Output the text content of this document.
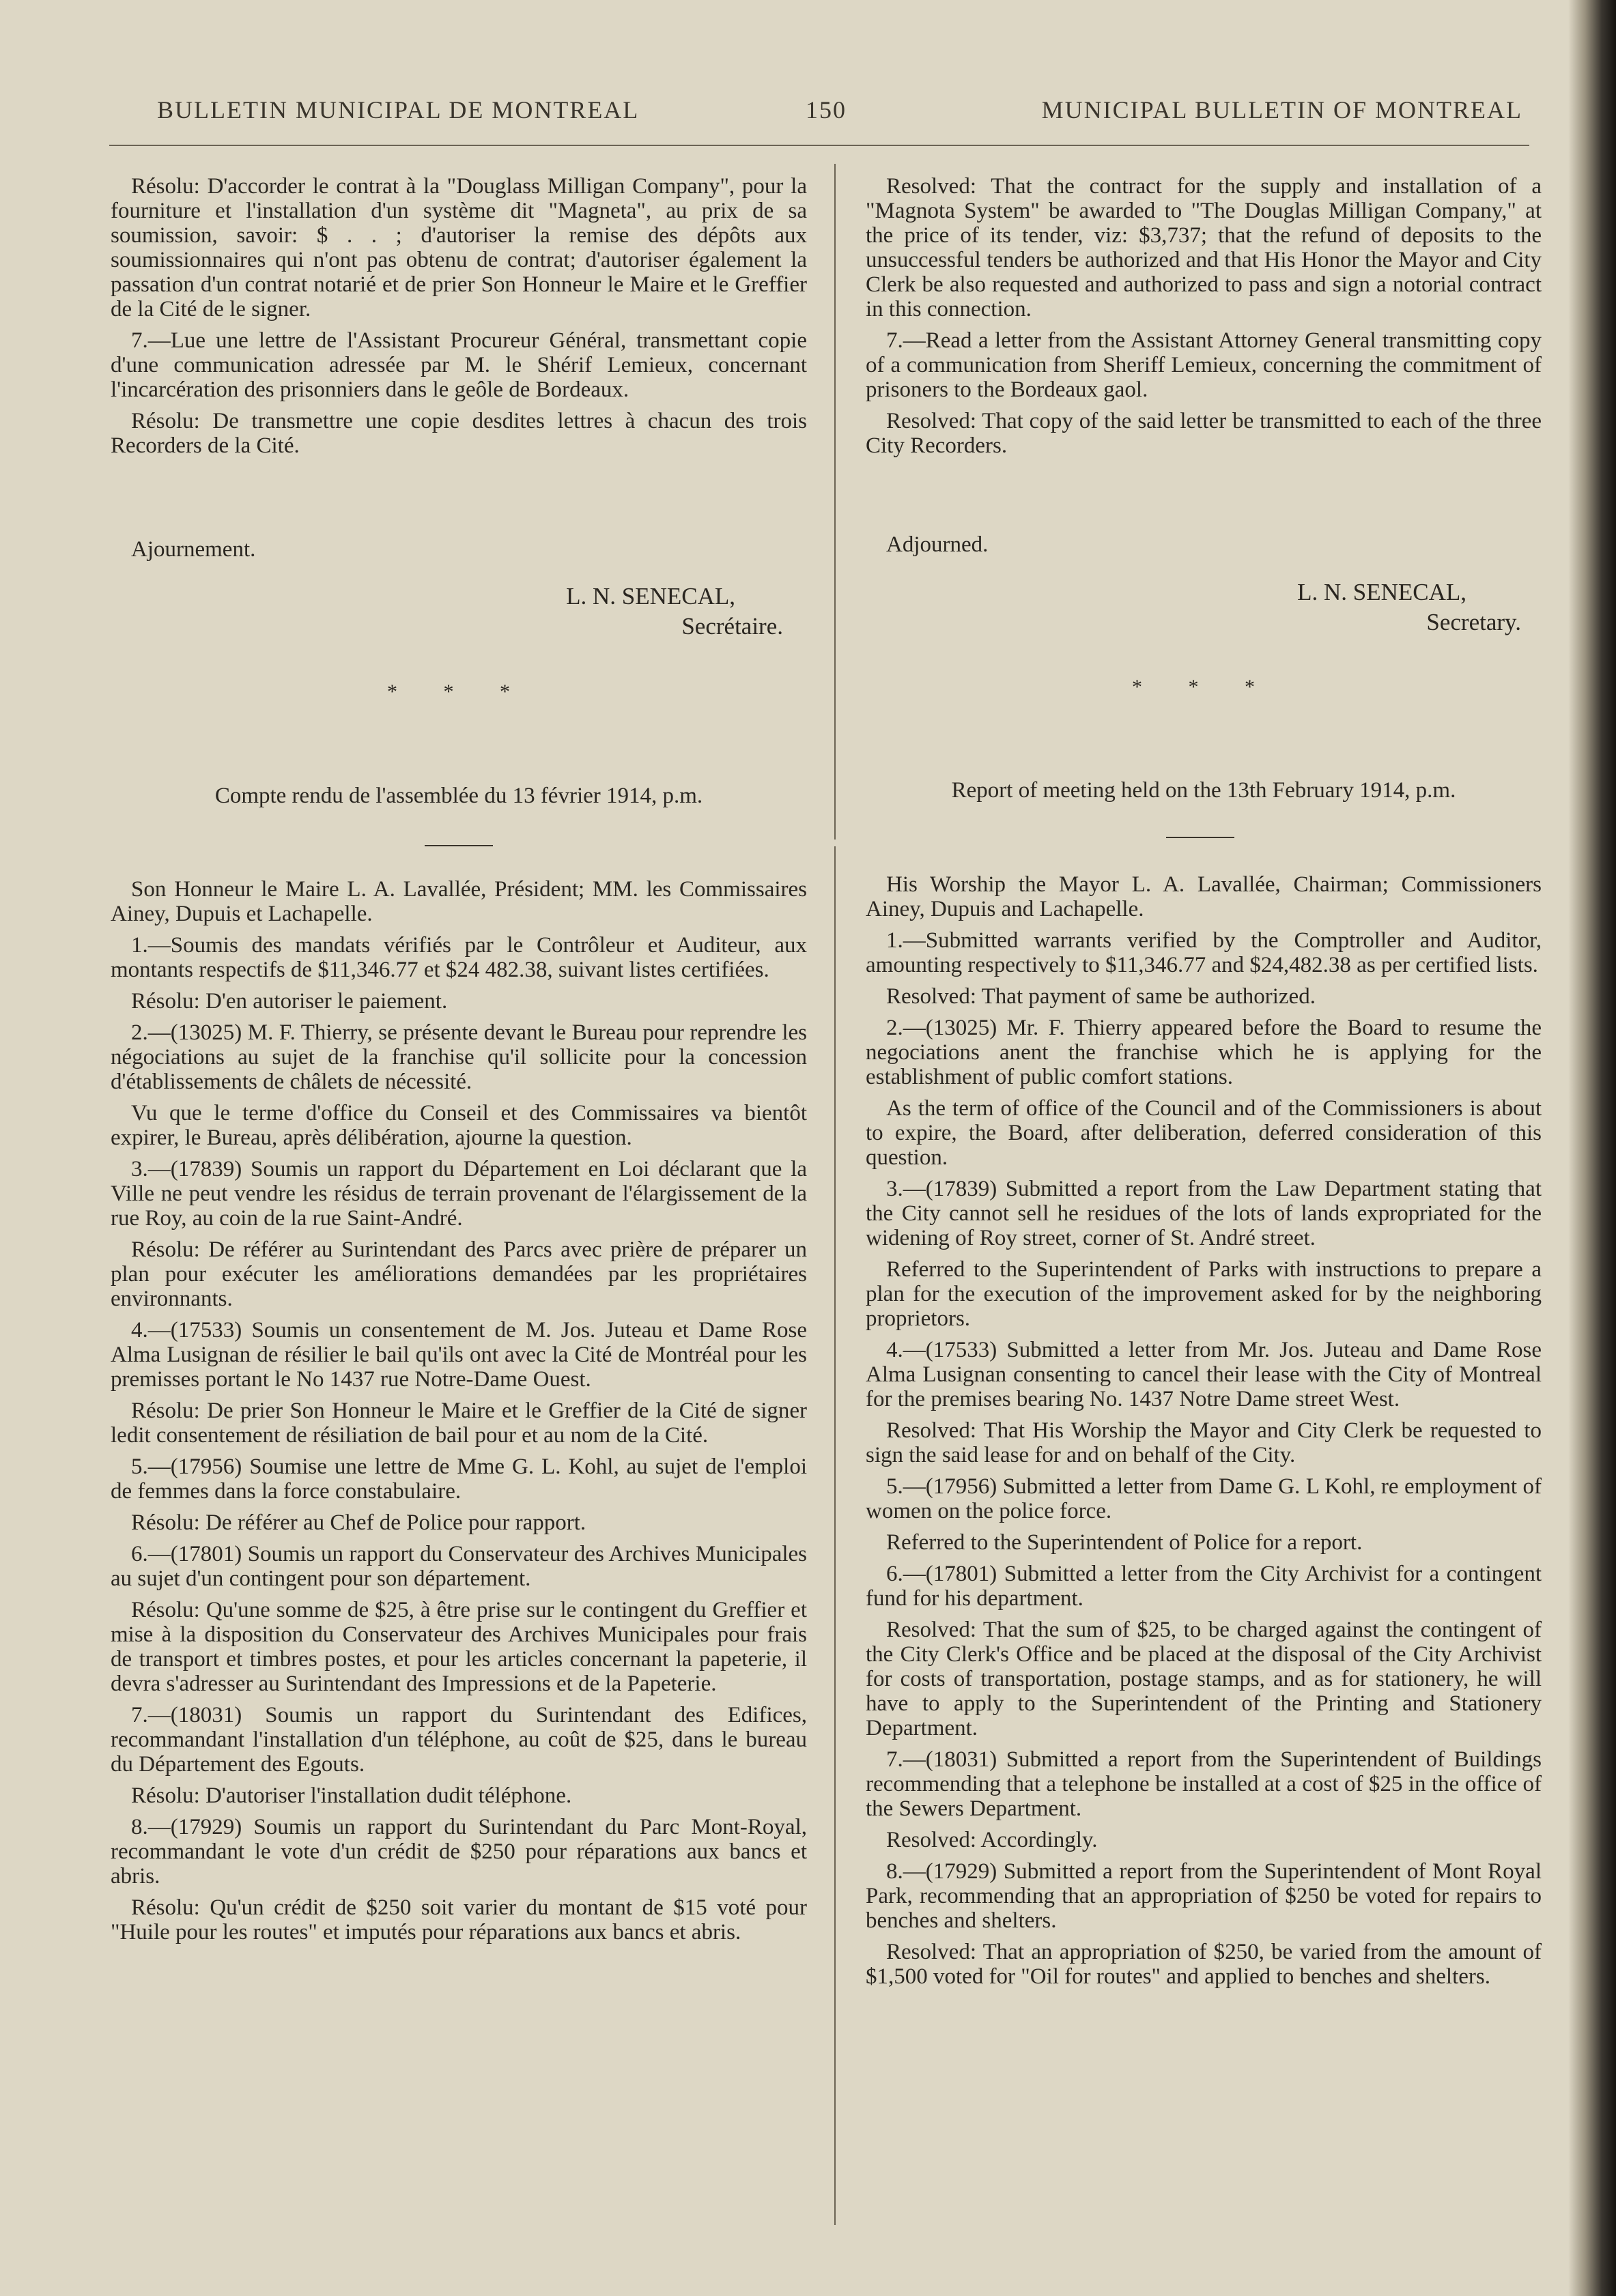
BULLETIN MUNICIPAL DE MONTREAL	150	MUNICIPAL BULLETIN OF MONTREAL

Résolu: D'accorder le contrat à la "Douglass Milligan Company", pour la fourniture et l'installation d'un système dit "Magneta", au prix de sa soumission, savoir: $ . . ; d'autoriser la remise des dépôts aux soumissionnaires qui n'ont pas obtenu de contrat; d'autoriser également la passation d'un contrat notarié et de prier Son Honneur le Maire et le Greffier de la Cité de le signer.

7.—Lue une lettre de l'Assistant Procureur Général, transmettant copie d'une communication adressée par M. le Shérif Lemieux, concernant l'incarcération des prisonniers dans le geôle de Bordeaux.

Résolu: De transmettre une copie desdites lettres à chacun des trois Recorders de la Cité.

Ajournement.

L. N. SENECAL,

Secrétaire.

* * *

Compte rendu de l'assemblée du 13 février 1914, p.m.

Resolved: That the contract for the supply and installation of a "Magnota System" be awarded to "The Douglas Milligan Company," at the price of its tender, viz: $3,737; that the refund of deposits to the unsuccessful tenders be authorized and that His Honor the Mayor and City Clerk be also requested and authorized to pass and sign a notorial contract in this connection.

7.—Read a letter from the Assistant Attorney General transmitting copy of a communication from Sheriff Lemieux, concerning the commitment of prisoners to the Bordeaux gaol.

Resolved: That copy of the said letter be transmitted to each of the three City Recorders.

Adjourned.

L. N. SENECAL,

Secretary.

* * *

Report of meeting held on the 13th February 1914, p.m.

Son Honneur le Maire L. A. Lavallée, Président; MM. les Commissaires Ainey, Dupuis et Lachapelle.

1.—Soumis des mandats vérifiés par le Contrôleur et Auditeur, aux montants respectifs de $11,346.77 et $24 482.38, suivant listes certifiées.

Résolu: D'en autoriser le paiement.

2.—(13025) M. F. Thierry, se présente devant le Bureau pour reprendre les négociations au sujet de la franchise qu'il sollicite pour la concession d'établissements de châlets de nécessité.

Vu que le terme d'office du Conseil et des Commissaires va bientôt expirer, le Bureau, après délibération, ajourne la question.

3.—(17839) Soumis un rapport du Département en Loi déclarant que la Ville ne peut vendre les résidus de terrain provenant de l'élargissement de la rue Roy, au coin de la rue Saint-André.

Résolu: De référer au Surintendant des Parcs avec prière de préparer un plan pour exécuter les améliorations demandées par les propriétaires environnants.

4.—(17533) Soumis un consentement de M. Jos. Juteau et Dame Rose Alma Lusignan de résilier le bail qu'ils ont avec la Cité de Montréal pour les premisses portant le No 1437 rue Notre-Dame Ouest.

Résolu: De prier Son Honneur le Maire et le Greffier de la Cité de signer ledit consentement de résiliation de bail pour et au nom de la Cité.

5.—(17956) Soumise une lettre de Mme G. L. Kohl, au sujet de l'emploi de femmes dans la force constabulaire.

Résolu: De référer au Chef de Police pour rapport.

6.—(17801) Soumis un rapport du Conservateur des Archives Municipales au sujet d'un contingent pour son département.

Résolu: Qu'une somme de $25, à être prise sur le contingent du Greffier et mise à la disposition du Conservateur des Archives Municipales pour frais de transport et timbres postes, et pour les articles concernant la papeterie, il devra s'adresser au Surintendant des Impressions et de la Papeterie.

7.—(18031) Soumis un rapport du Surintendant des Edifices, recommandant l'installation d'un téléphone, au coût de $25, dans le bureau du Département des Egouts.

Résolu: D'autoriser l'installation dudit téléphone.

8.—(17929) Soumis un rapport du Surintendant du Parc Mont-Royal, recommandant le vote d'un crédit de $250 pour réparations aux bancs et abris.

Résolu: Qu'un crédit de $250 soit varier du montant de $15 voté pour "Huile pour les routes" et imputés pour réparations aux bancs et abris.

His Worship the Mayor L. A. Lavallée, Chairman; Commissioners Ainey, Dupuis and Lachapelle.

1.—Submitted warrants verified by the Comptroller and Auditor, amounting respectively to $11,346.77 and $24,482.38 as per certified lists.

Resolved: That payment of same be authorized.

2.—(13025) Mr. F. Thierry appeared before the Board to resume the negociations anent the franchise which he is applying for the establishment of public comfort stations.

As the term of office of the Council and of the Commissioners is about to expire, the Board, after deliberation, deferred consideration of this question.

3.—(17839) Submitted a report from the Law Department stating that the City cannot sell he residues of the lots of lands expropriated for the widening of Roy street, corner of St. André street.

Referred to the Superintendent of Parks with instructions to prepare a plan for the execution of the improvement asked for by the neighboring proprietors.

4.—(17533) Submitted a letter from Mr. Jos. Juteau and Dame Rose Alma Lusignan consenting to cancel their lease with the City of Montreal for the premises bearing No. 1437 Notre Dame street West.

Resolved: That His Worship the Mayor and City Clerk be requested to sign the said lease for and on behalf of the City.

5.—(17956) Submitted a letter from Dame G. L Kohl, re employment of women on the police force.

Referred to the Superintendent of Police for a report.

6.—(17801) Submitted a letter from the City Archivist for a contingent fund for his department.

Resolved: That the sum of $25, to be charged against the contingent of the City Clerk's Office and be placed at the disposal of the City Archivist for costs of transportation, postage stamps, and as for stationery, he will have to apply to the Superintendent of the Printing and Stationery Department.

7.—(18031) Submitted a report from the Superintendent of Buildings recommending that a telephone be installed at a cost of $25 in the office of the Sewers Department.

Resolved: Accordingly.

8.—(17929) Submitted a report from the Superintendent of Mont Royal Park, recommending that an appropriation of $250 be voted for repairs to benches and shelters.

Resolved: That an appropriation of $250, be varied from the amount of $1,500 voted for "Oil for routes" and applied to benches and shelters.
